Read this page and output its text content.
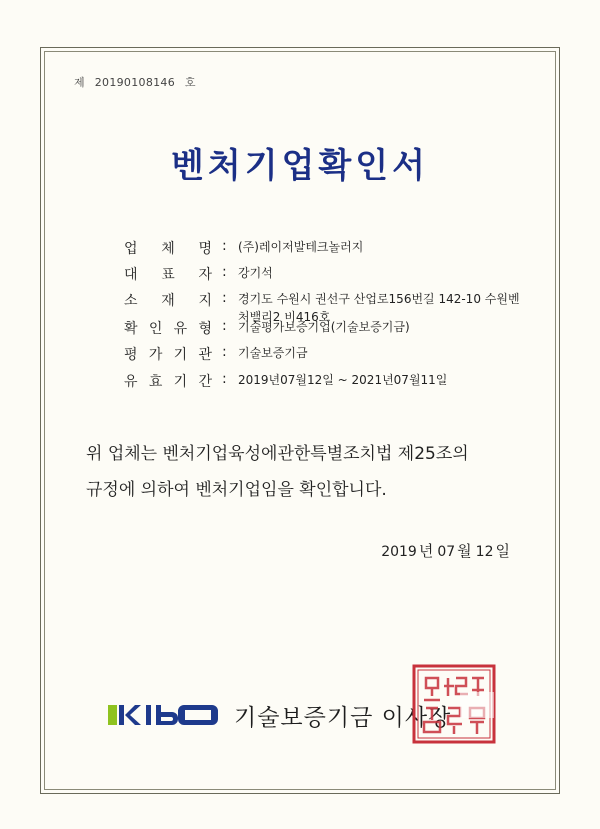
제 20190108146 호
벤처기업확인서
업 체 명 : (주)레이저발테크놀러지
대 표 자 : 강기석
소 재 지 : 경기도 수원시 권선구 산업로156번길 142-10 수원벤처밸리2 비416호
확 인 유 형 : 기술평가보증기업(기술보증기금)
평 가 기 관 : 기술보증기금
유 효 기 간 : 2019년07월12일 ~ 2021년07월11일
위 업체는 벤처기업육성에관한특별조치법 제25조의
규정에 의하여 벤처기업임을 확인합니다.
2019 년 07 월 12 일
기술보증기금 이사장
